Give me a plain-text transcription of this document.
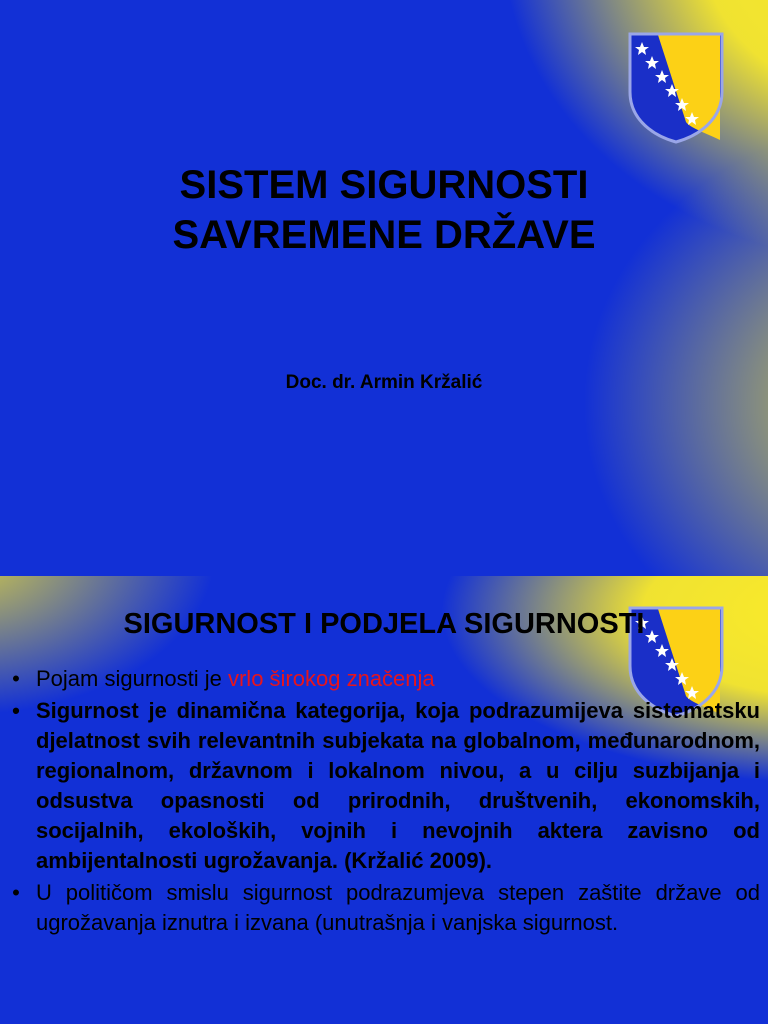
SISTEM SIGURNOSTI
SAVREMENE DRŽAVE
Doc. dr. Armin Kržalić
SIGURNOST I PODJELA SIGURNOSTI
• Pojam sigurnosti je vrlo širokog značenja
• Sigurnost je dinamična kategorija, koja podrazumijeva sistematsku djelatnost svih relevantnih subjekata na globalnom, međunarodnom, regionalnom, državnom i lokalnom nivou, a u cilju suzbijanja i odsustva opasnosti od prirodnih, društvenih, ekonomskih, socijalnih, ekoloških, vojnih i nevojnih aktera zavisno od ambijentalnosti ugrožavanja. (Kržalić 2009).
• U političom smislu sigurnost podrazumjeva stepen zaštite države od ugrožavanja iznutra i izvana (unutrašnja i vanjska sigurnost.
